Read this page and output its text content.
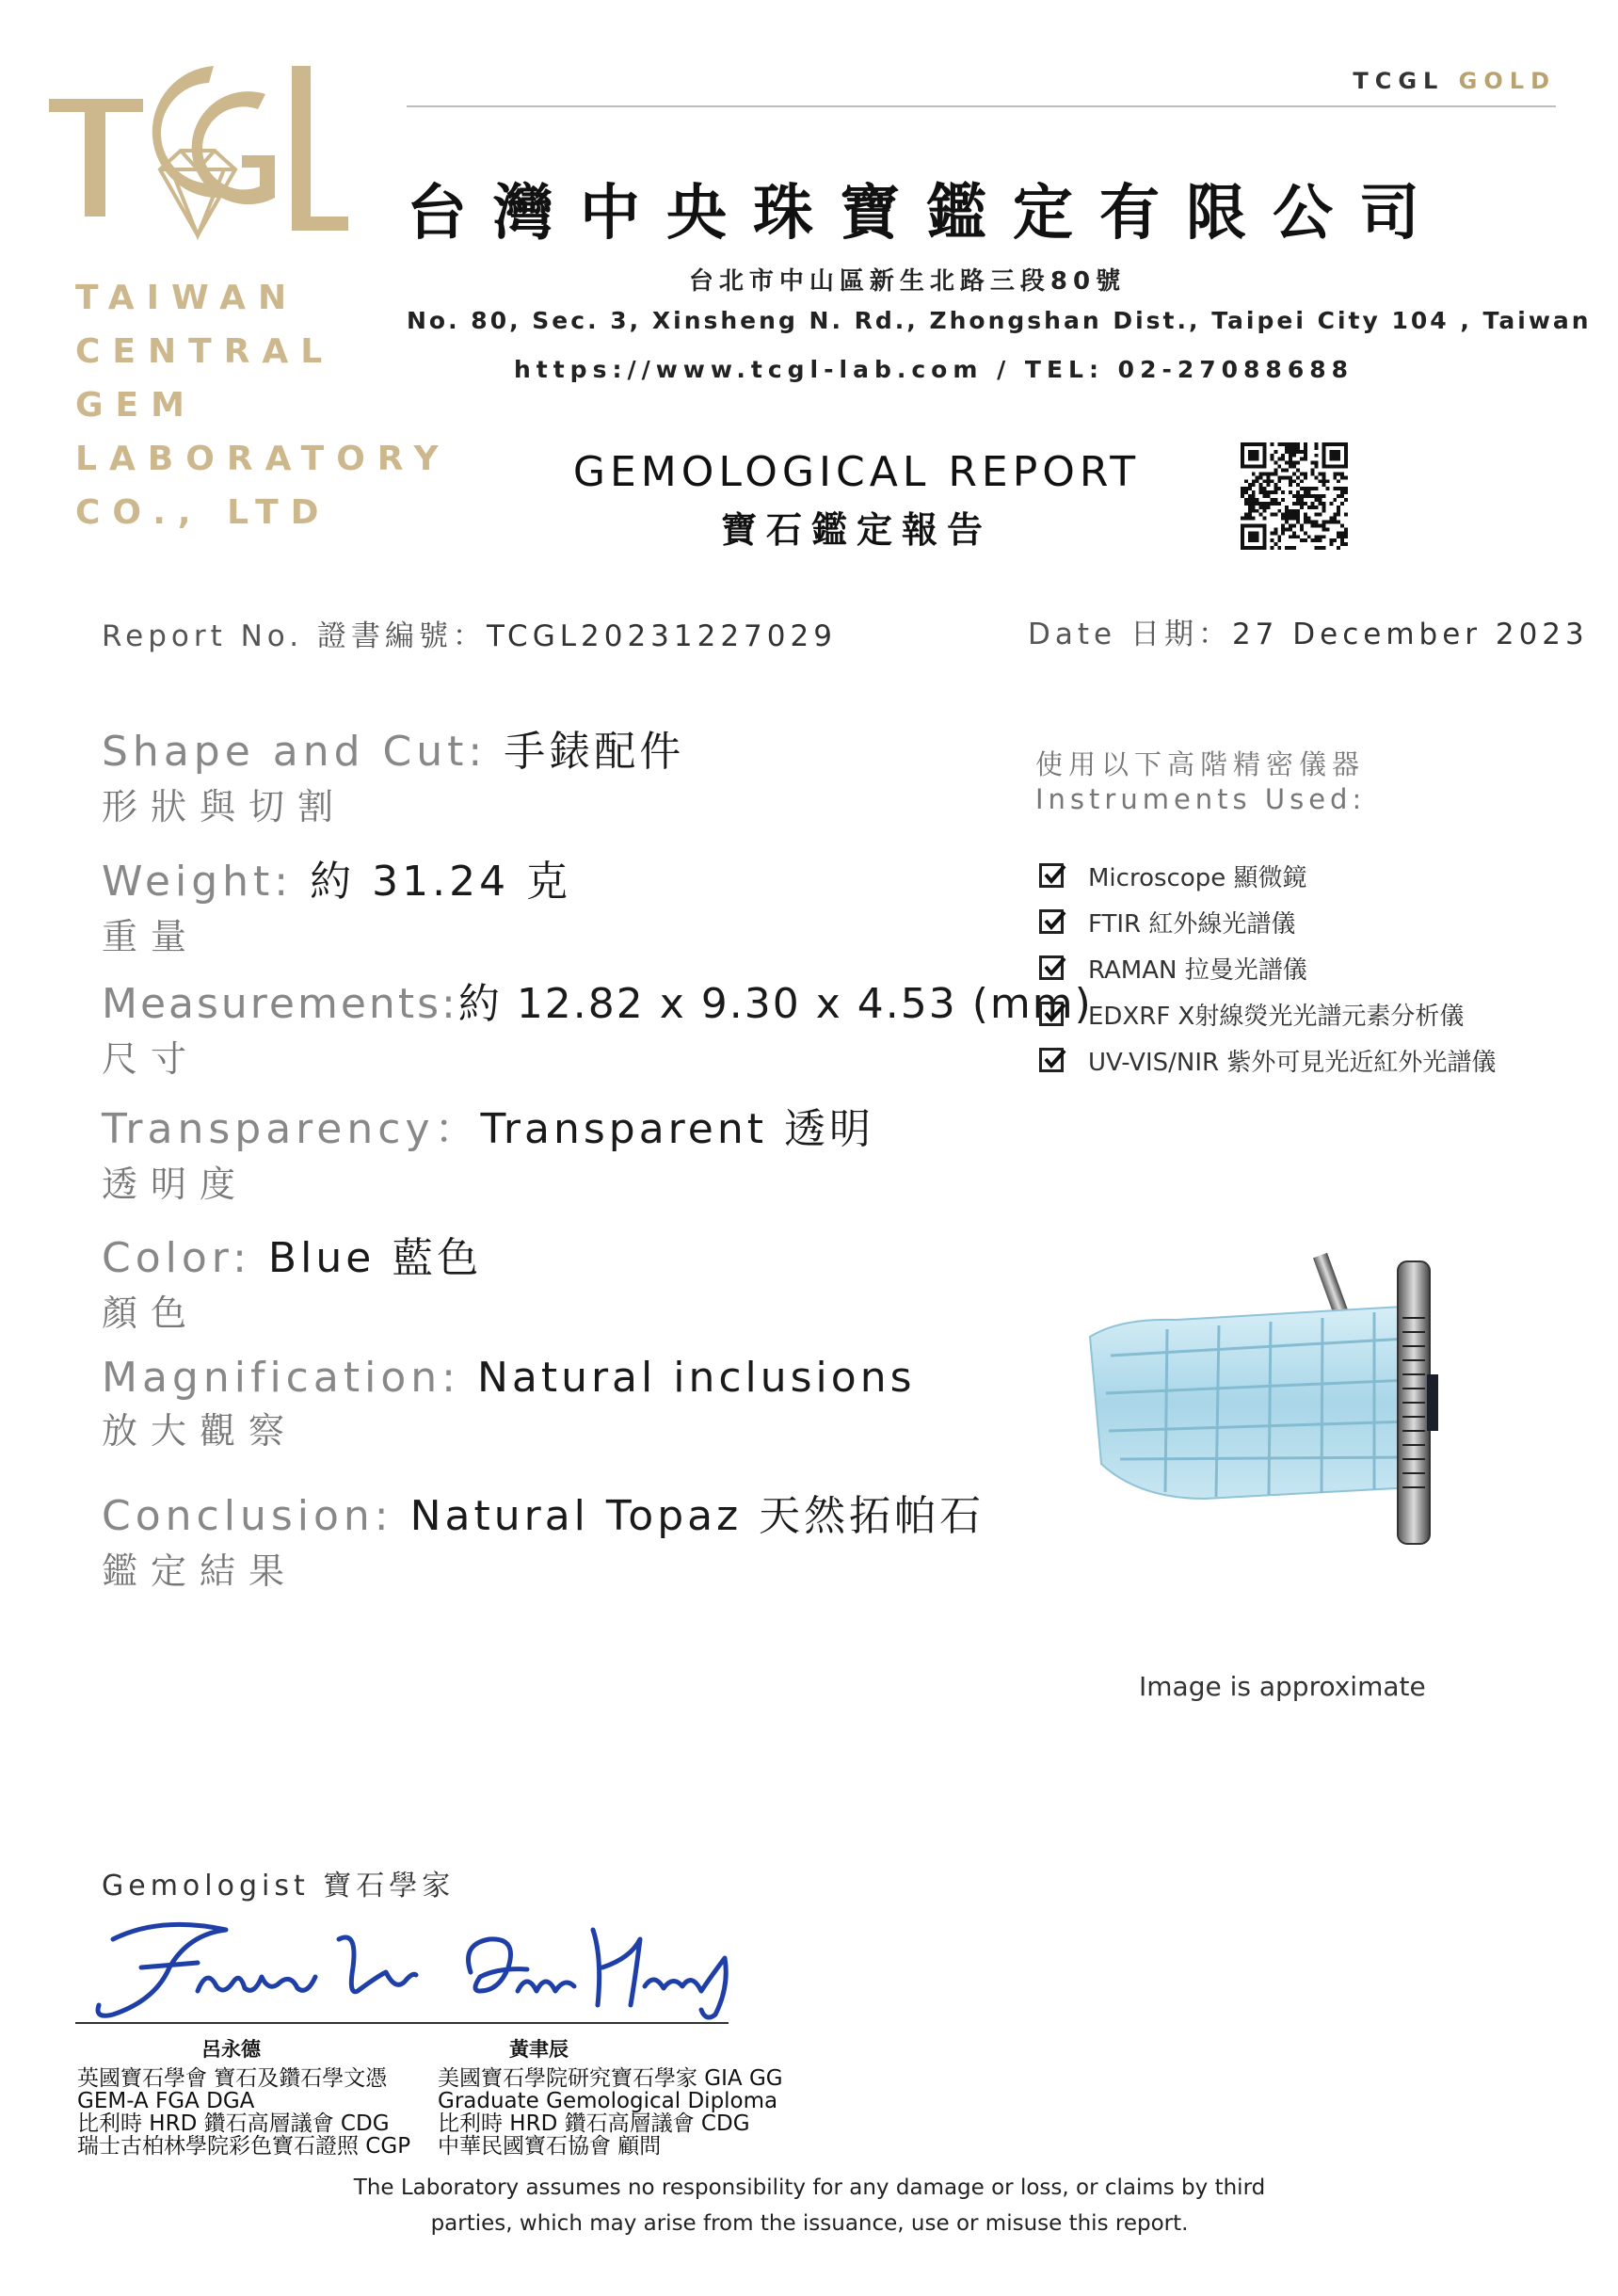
TAIWAN
CENTRAL
GEM
LABORATORY
CO., LTD
TCGL GOLD
台灣中央珠寶鑑定有限公司
台北市中山區新生北路三段80號
No. 80, Sec. 3, Xinsheng N. Rd., Zhongshan Dist., Taipei City 104 , Taiwan
https://www.tcgl-lab.com / TEL: 02-27088688
GEMOLOGICAL REPORT
寶石鑑定報告
Report No. 證書編號：TCGL20231227029	Date 日期：27 December 2023
Shape and Cut: 手錶配件
形狀與切割
Weight: 約 31.24 克
重量
Measurements:約 12.82 x 9.30 x 4.53 (mm)
尺寸
Transparency：Transparent 透明
透明度
Color: Blue 藍色
顏色
Magnification: Natural inclusions
放大觀察
Conclusion: Natural Topaz 天然拓帕石
鑑定結果
使用以下高階精密儀器
Instruments Used:
Microscope 顯微鏡
FTIR 紅外線光譜儀
RAMAN 拉曼光譜儀
EDXRF X射線熒光光譜元素分析儀
UV-VIS/NIR 紫外可見光近紅外光譜儀
Image is approximate
Gemologist 寶石學家
呂永德	黃聿辰
英國寶石學會 寶石及鑽石學文憑
GEM-A FGA DGA
比利時 HRD 鑽石高層議會 CDG
瑞士古柏林學院彩色寶石證照 CGP
美國寶石學院研究寶石學家 GIA GG
Graduate Gemological Diploma
比利時 HRD 鑽石高層議會 CDG
中華民國寶石協會 顧問
The Laboratory assumes no responsibility for any damage or loss, or claims by third
parties, which may arise from the issuance, use or misuse this report.
